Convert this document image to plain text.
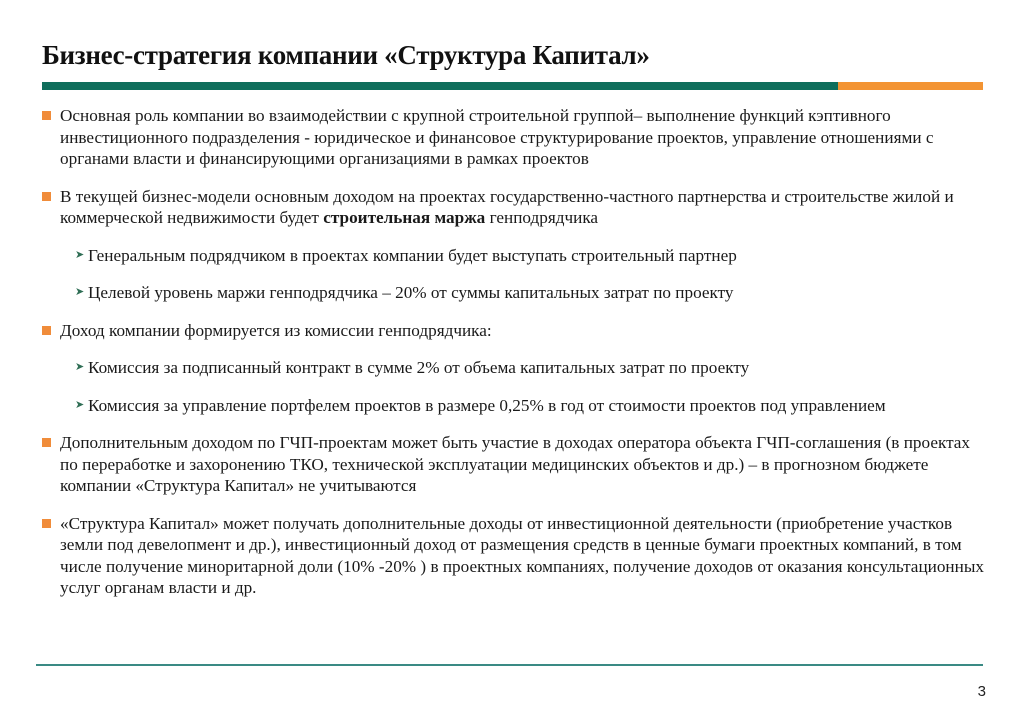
Бизнес-стратегия компании «Структура Капитал»
Основная роль компании во взаимодействии с крупной строительной группой– выполнение функций кэптивного инвестиционного подразделения - юридическое и финансовое структурирование проектов, управление отношениями с органами власти и финансирующими организациями в рамках проектов
В текущей бизнес-модели основным доходом на проектах государственно-частного партнерства и строительстве жилой и коммерческой недвижимости будет строительная маржа генподрядчика
➤
Генеральным подрядчиком в проектах компании будет выступать строительный партнер
➤
Целевой уровень маржи генподрядчика – 20% от суммы капитальных затрат по проекту
Доход компании формируется из комиссии генподрядчика:
➤
Комиссия за подписанный контракт в сумме 2% от объема капитальных затрат по проекту
➤
Комиссия за управление портфелем проектов в размере 0,25% в год от стоимости проектов под управлением
Дополнительным доходом по ГЧП-проектам может быть участие в доходах оператора объекта ГЧП-соглашения (в проектах по переработке и захоронению ТКО, технической эксплуатации медицинских объектов и др.) – в прогнозном бюджете компании «Структура Капитал» не учитываются
«Структура Капитал» может получать дополнительные доходы от инвестиционной деятельности (приобретение участков земли под девелопмент и др.), инвестиционный доход от размещения средств в ценные бумаги проектных компаний, в том числе получение миноритарной доли (10% -20% ) в проектных компаниях, получение доходов от оказания консультационных услуг органам власти и др.
3
